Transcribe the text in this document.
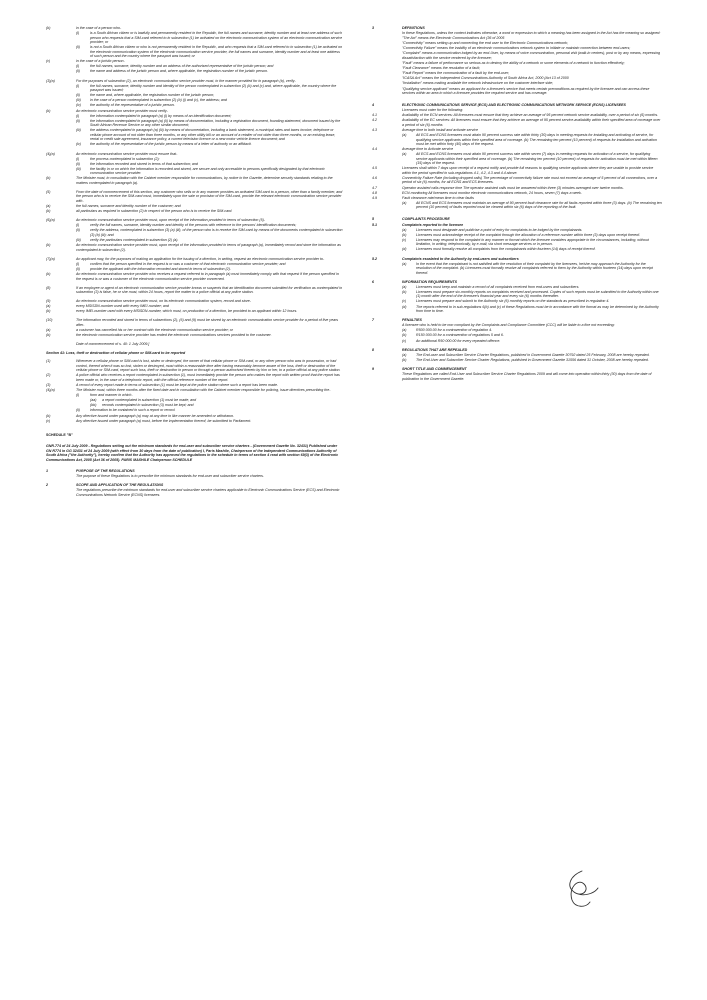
(b)	in the case of a person who-
(i)	is a South African citizen or is lawfully and permanently resident in the Republic, the full names and surname, identity number and at least one address of such person who requests that a SIM-card referred to in subsection (1) be activated on the electronic communication system of an electronic communication service provider; or
(ii)	is not a South African citizen or who is not permanently resident in the Republic, and who requests that a SIM-card referred to in subsection (1) be activated on the electronic communication system of the electronic communication service provider, the full names and surname, identity number and at least one address of such person and the country where the passport was issued; or
(c)	in the case of a juristic person-
(i)	the full names, surname, identity number and an address of the authorised representative of the juristic person; and
(ii)	the name and address of the juristic person and, where applicable, the registration number of the juristic person.
(3)(a)	For the purposes of subsection (2), an electronic communication service provider must, in the manner provided for in paragraph (b), verify-
(i)	the full names, surname, identity number and identity of the person contemplated in subsection (2) (b) and (c) and, where applicable, the country where the passport was issued;
(ii)	the name and, where applicable, the registration number of the juristic person;
(iii)	in the case of a person contemplated in subsection (2) (b) (i) and (c), the address; and
(iv)	the authority of the representative of a juristic person.
(b)	An electronic communication service provider must verify-
(i)	the information contemplated in paragraph (a) (i) by means of an identification document;
(ii)	the information contemplated in paragraph (a) (ii) by means of documentation, including a registration document, founding statement, document issued by the South African Revenue Service or any other similar document;
(iii)	the address contemplated in paragraph (a) (iii) by means of documentation, including a bank statement, a municipal rates and taxes invoice, telephone or cellular phone account of not older than three months, or any other utility bill or an account of a retailer of not older than three months, or an existing lease, rental or credit sale agreement, insurance policy, a current television licence or a new motor vehicle licence document; and
(iv)	the authority of the representative of the juristic person by means of a letter of authority or an affidavit.
(4)(a)	An electronic communication service provider must ensure that-
(i)	the process contemplated in subsection (2);
(ii)	the information recorded and stored in terms of that subsection; and
(iii)	the facility in or on which the information is recorded and stored, are secure and only accessible to persons specifically designated by that electronic communication service provider.
(b)	The Minister must, in consultation with the Cabinet member responsible for communications, by notice in the Gazette, determine security standards relating to the matters contemplated in paragraph (a).
(5)	From the date of commencement of this section, any customer who sells or in any manner provides an activated SIM-card to a person, other than a family member, and the person who is to receive the SIM-card must, immediately upon the sale or provision of the SIM-card, provide the relevant electronic communication service provider with-
(a)	the full names, surname and identity number of the customer; and
(b)	all particulars as required in subsection (2) in respect of the person who is to receive the SIM-card.
(6)(a)	An electronic communication service provider must, upon receipt of the information provided in terms of subsection (5)-
(i)	verify the full names, surname, identity number and identity of the persons with reference to the persons' identification documents;
(ii)	verify the address, contemplated in subsection (3) (a) (iii), of the person who is to receive the SIM-card by means of the documents contemplated in subsection (3) (b) (iii); and
(iii)	verify the particulars contemplated in subsection (2) (a).
(b)	An electronic communication service provider must, upon receipt of the information provided in terms of paragraph (a), immediately record and store the information as contemplated in subsection (2).
(7)(a)	An applicant may, for the purposes of making an application for the issuing of a direction, in writing, request an electronic communication service provider to-
(i)	confirm that the person specified in the request is or was a customer of that electronic communication service provider; and
(ii)	provide the applicant with the information recorded and stored in terms of subsection (2).
(b)	An electronic communication service provider who receives a request referred to in paragraph (a) must immediately comply with that request if the person specified in the request is or was a customer of the electronic communication service provider concerned.
(8)	If an employee or agent of an electronic communication service provider knows or suspects that an identification document submitted for verification as contemplated in subsection (3) is false, he or she must, within 24 hours, report the matter to a police official at any police station.
(9)	An electronic communication service provider must, on its electronic communication system, record and store-
(a)	every MSISDN-number used with every IMEI-number; and
(b)	every IMEI-number used with every MSISDN-number, which must, on production of a direction, be provided to an applicant within 12 hours.
(10)	The information recorded and stored in terms of subsections (2), (6) and (9) must be stored by an electronic communication service provider for a period of five years after-
(a)	a customer has cancelled his or her contract with the electronic communication service provider; or
(b)	the electronic communication service provider has ended the electronic communications services provided to the customer.
Date of commencement of s. 40: 1 July 2009.]
Section 41: Loss, theft or destruction of cellular phone or SIM-card to be reported
(1)	Whenever a cellular phone or SIM-card is lost, stolen or destroyed, the owner of that cellular phone or SIM-card, or any other person who was in possession, or had control, thereof when it was so lost, stolen or destroyed, must within a reasonable time after having reasonably become aware of the loss, theft or destruction of the cellular phone or SIM-card, report such loss, theft or destruction in person or through a person authorised thereto by him or her, to a police official at any police station.
(2)	A police official who receives a report contemplated in subsection (1), must immediately provide the person who makes the report with written proof that the report has been made or, in the case of a telephonic report, with the official reference number of the report.
(3)	A record of every report made in terms of subsection (1) must be kept at the police station where such a report has been made.
(4)(a)	The Minister must, within three months after the fixed date and in consultation with the Cabinet member responsible for policing, issue directives prescribing the-
(i)	form and manner in which-
(aa)	a report contemplated in subsection (1) must be made; and
(bb)	records contemplated in subsection (3) must be kept; and
(ii)	information to be contained in such a report or record.
(b)	Any directive issued under paragraph (a) may at any time in like manner be amended or withdrawn.
(c)	Any directive issued under paragraph (a) must, before the implementation thereof, be submitted to Parliament.
SCHEDULE "B"
GNR.774 of 24 July 2009 - Regulations setting out the minimum standards for end-user and subscriber service charters - (Government Gazette No. 32431) Published under GN R774 in GG 32431 of 24 July 2009 (with effect from 30 days from the date of publication) I, Paris Mashile, Chairperson of the Independent Communications Authority of South Africa ("the Authority"), hereby confirm that the Authority has approved the regulations in the schedule in terms of section 4 read with section 69(3) of the Electronic Communications Act, 2005 (Act 36 of 2005). PARIS MASHILE Chairperson SCHEDULE
1	PURPOSE OF THE REGULATIONS
The purpose of these Regulations is to prescribe the minimum standards for end-user and subscriber service charters.
2	SCOPE AND APPLICATION OF THE REGULATIONS
The regulations prescribe the minimum standards for end-user and subscriber service charters applicable to Electronic Communications Service (ECS) and Electronic Communications Network Service (ECNS) licensees.
3	DEFINITIONS
In these Regulations, unless the context indicates otherwise, a word or expression to which a meaning has been assigned in the Act has the meaning so assigned:
"The Act" means the Electronic Communications Act (36 of 2005
"Connectivity" means setting up and connecting the end user to the Electronic Communications network;
"Connectivity Failure" means the inability of an electronic communications network system to initiate or maintain connection between end-users;
"Complaint" means a communication lodged by an end-User, by means of voice communication, personal visit (walk-in centres), post or by any means, expressing dissatisfaction with the service rendered by the licensee;
"Fault" means a failure of performance so serious as to destroy the ability of a network or some elements of a network to function effectively;
"Fault Clearance" means the resolution of a fault;
"Fault Report" means the communication of a fault by the end-user;
"ICASA Act" means the Independent Communications Authority of South Africa Act, 2000 (Act 13 of 2000
"Installation" means making available the network infrastructure on the customer interface side;
"Qualifying service applicant" means an applicant for a licensee's service that meets certain preconditions as required by the licensee and can access these services within an area in which a licensee provides the required service and has coverage.
4	ELECTRONIC COMMUNICATIONS SERVICE (ECS) AND ELECTRONIC COMMUNICATIONS NETWORK SERVICE (ECNS) LICENSEES
Licensees must cater for the following:
4.1	Availability of the ECN services: All licensees must ensure that they achieve an average of 95 percent network service availability, over a period of six (6) months.
4.2	Availability of the EC services: All licensees must ensure that they achieve an average of 95 percent service-availability within their specified area of coverage over a period of six (6) months
4.3	Average time to both install and activate service
(a)	All ECS and ECNS licensees must attain 90 percent success rate within thirty (30) days in meeting requests for installing and activating of service, for qualifying service applicants within their specified area of coverage. (b) The remaining ten percent (10 percent) of requests for installation and activation must be met within forty (40) days of the request.
4.4	Average time to Activate service
(a)	All ECS and ECNS licensees must attain 90 percent success rate within seven (7) days in meeting requests for activation of a service, for qualifying service applicants within their specified area of coverage. (b) The remaining ten percent (10 percent) of requests for activation must be met within fifteen (15) days of the request.
4.5	Licensees shall within 7 days upon receipt of a request notify and provide full reasons to qualifying service applicants where they are unable to provide service within the period specified in sub-regulations 4.1, 4.2, 4.3 and 4.4 above.
4.6	Connectivity Failure Rate (including dropped calls) The percentage of connectivity failure rate must not exceed an average of 5 percent of all connections, over a period of six (6) months, for all ECNS and ECS licensees.
4.7	Operator assisted calls response time The operator assisted calls must be answered within three (3) minutes averaged over twelve months.
4.8	ECN monitoring All licensees must monitor electronic communications network, 24 hours, seven (7) days a week.
4.9	Fault clearance rate/mean time to clear faults
(a)	All ECNS and ECS licensees must maintain an average of 90 percent fault clearance rate for all faults reported within three (3) days. (b) The remaining ten percent (10 percent) of faults reported must be cleared within six (6) days of the reporting of the fault.
5	COMPLAINTS PROCEDURE
5.1	Complaints reported to the licensee
(a)	Licensees must designate and publicise a point of entry for complaints to be lodged by the complainants.
(b)	Licensees must acknowledge receipt of the complaint through the allocation of a reference number within three (3) days upon receipt thereof.
(c)	Licensees may respond to the complaint in any manner or format which the licensee considers appropriate in the circumstances, including, without limitation, in writing, telephonically, by e-mail, via short message services or in person.
(d)	Licensees must formally resolve all complaints from the complainants within fourteen (14) days of receipt thereof.
5.2	Complaints escalated to the Authority by end-users and subscribers
(a)	In the event that the complainant is not satisfied with the resolution of their complaint by the licensees, he/she may approach the Authority for the resolution of the complaint. (b) Licensees must formally resolve all complaints referred to them by the Authority within fourteen (14) days upon receipt thereof.
6	INFORMATION REQUIREMENTS
(a)	Licensees must keep and maintain a record of all complaints received from end-users and subscribers.
(b)	Licensees must prepare six-monthly reports on complaints received and processed. Copies of such reports must be submitted to the Authority within one (1) month after the end of the licensee's financial year and every six (6) months thereafter.
(c)	Licensees must prepare and submit to the Authority six (6) monthly reports on the standards as prescribed in regulation 4.
(d)	The reports referred to in sub-regulations 6(b) and (c) of these Regulations must be in accordance with the format as may be determined by the Authority from time to time.
7	PENALTIES
A licensee who is held to be non compliant by the Complaints and Compliance Committee (CCC) will be liable to a fine not exceeding:
(a)	R500 000.00 for a contravention of regulation 4.
(b)	R150 000.00 for a contravention of regulations 5 and 6.
(c)	An additional R50 000.00 for every repeated offence.
8	REGULATIONS THAT ARE REPEALED
(a)	The End-user and Subscriber Service Charter Regulations, published in Government Gazette 30792 dated 25 February, 2008 are hereby repealed.
(b)	The End-User and Subscriber Service Charter Regulations, published in Government Gazette 31556 dated 31 October, 2008 are hereby repealed.
9	SHORT TITLE AND COMMENCEMENT
These Regulations are called End-User and Subscriber Service Charter Regulations 2009 and will come into operation within thirty (30) days from the date of publication in the Government Gazette.
